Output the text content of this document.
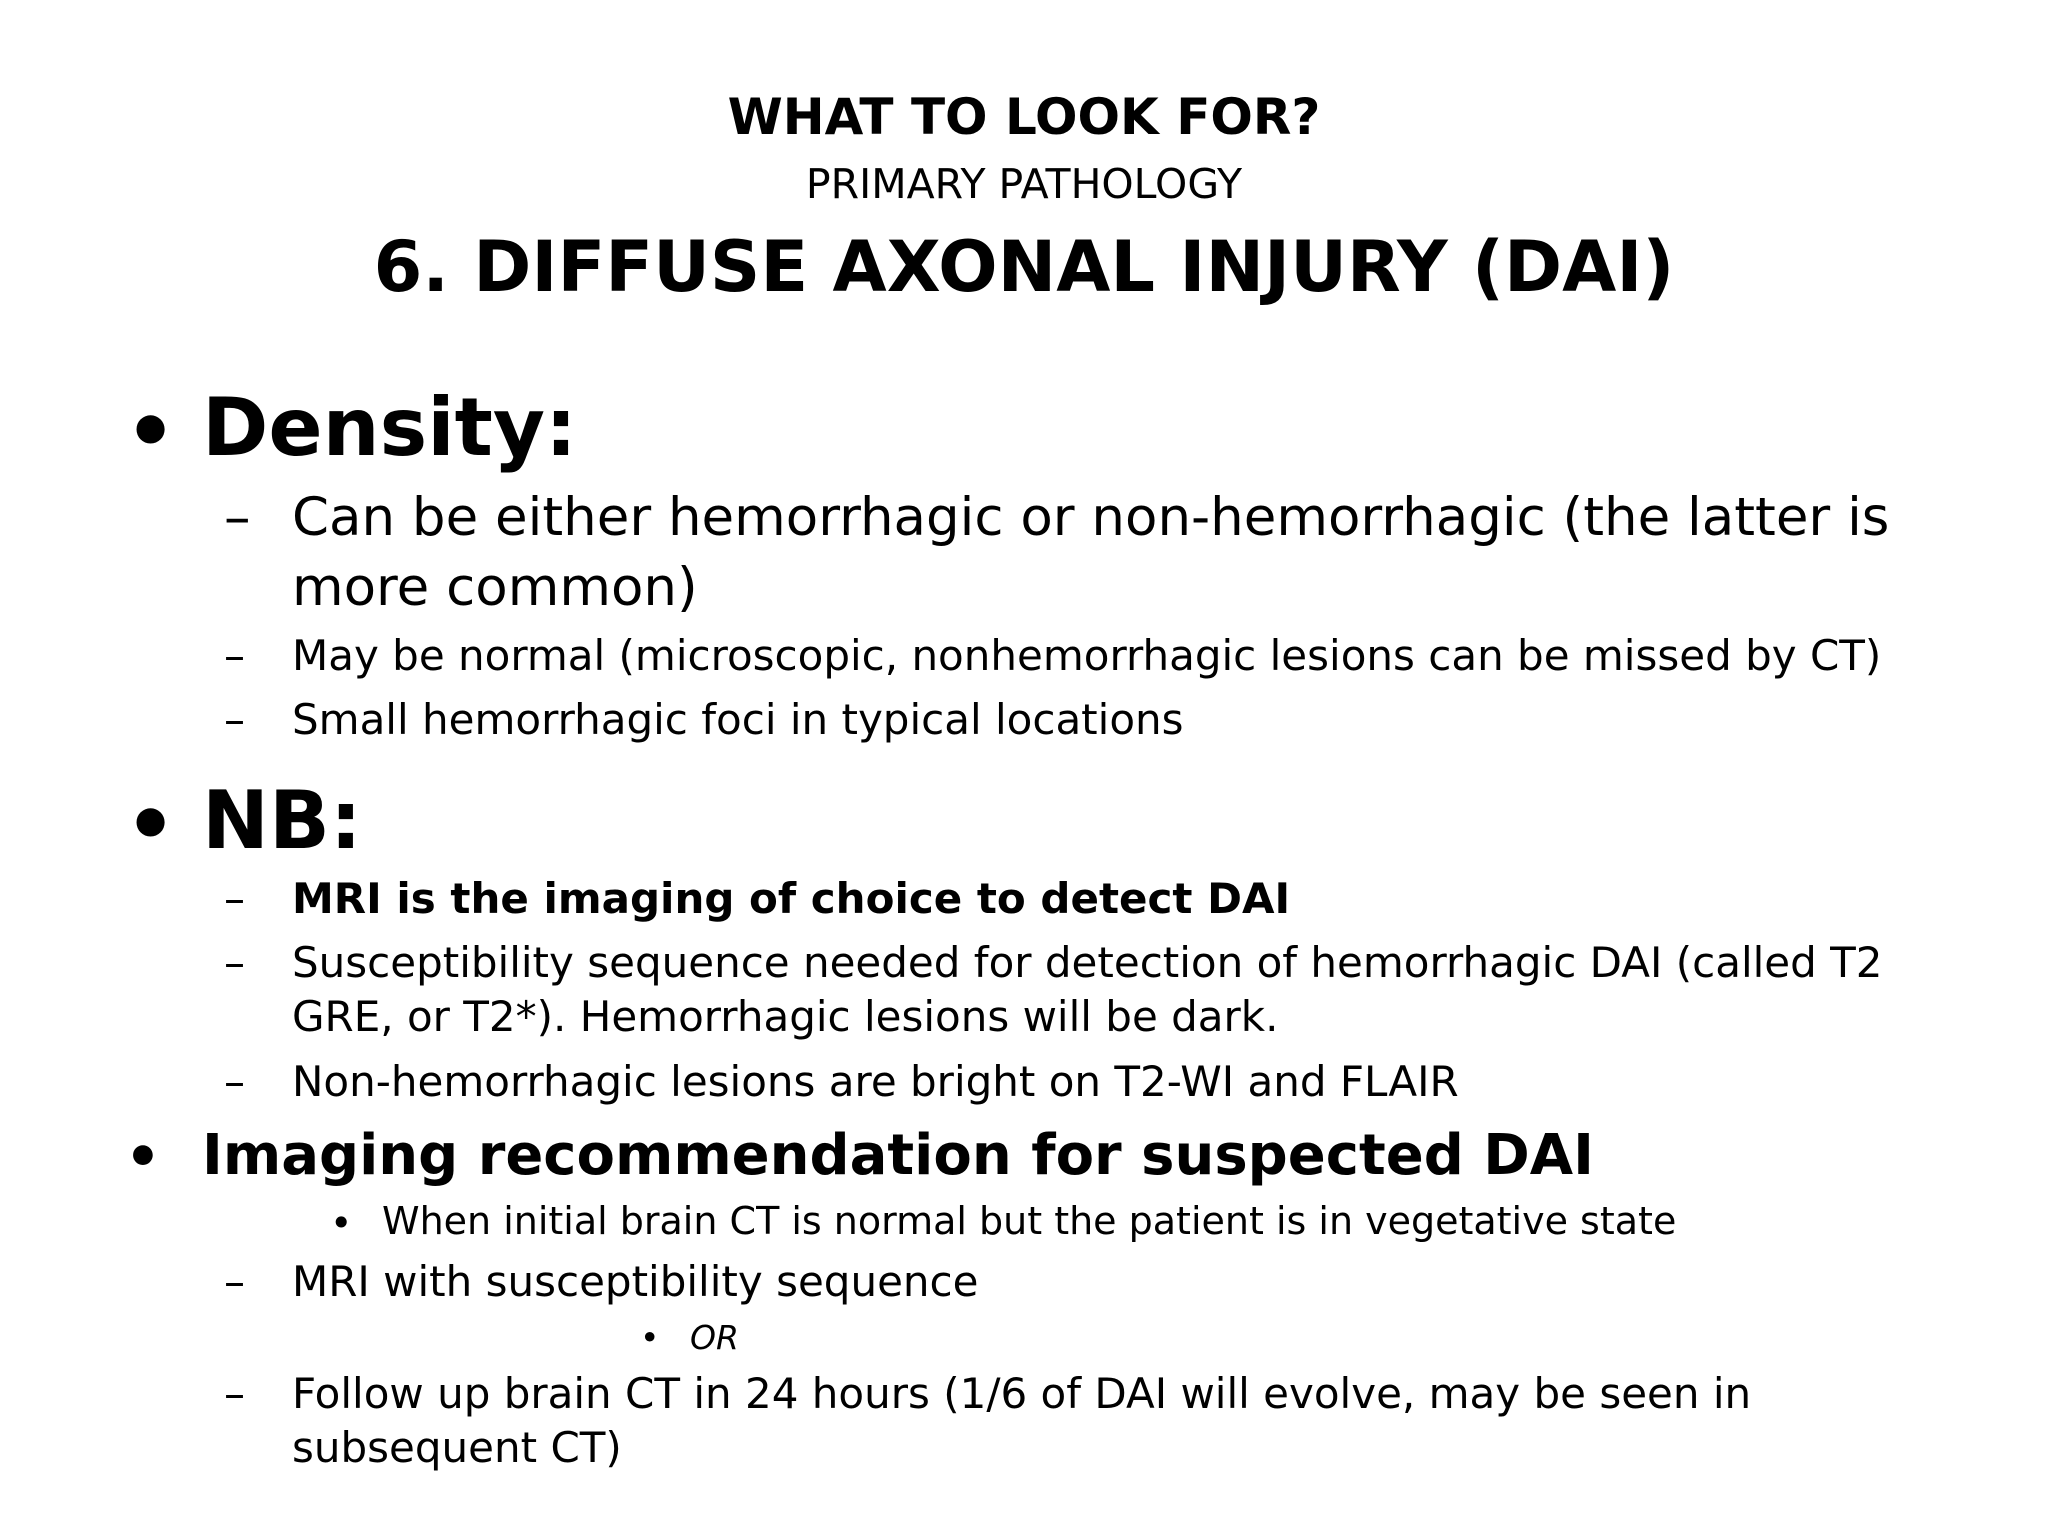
WHAT TO LOOK FOR?
PRIMARY PATHOLOGY
6. DIFFUSE AXONAL INJURY (DAI)
• Density:
– Can be either hemorrhagic or non-hemorrhagic (the latter is
more common)
– May be normal (microscopic, nonhemorrhagic lesions can be missed by CT)
– Small hemorrhagic foci in typical locations
• NB:
– MRI is the imaging of choice to detect DAI
– Susceptibility sequence needed for detection of hemorrhagic DAI (called T2
GRE, or T2*). Hemorrhagic lesions will be dark.
– Non-hemorrhagic lesions are bright on T2-WI and FLAIR
• Imaging recommendation for suspected DAI
• When initial brain CT is normal but the patient is in vegetative state
– MRI with susceptibility sequence
• OR
– Follow up brain CT in 24 hours (1/6 of DAI will evolve, may be seen in
subsequent CT)
